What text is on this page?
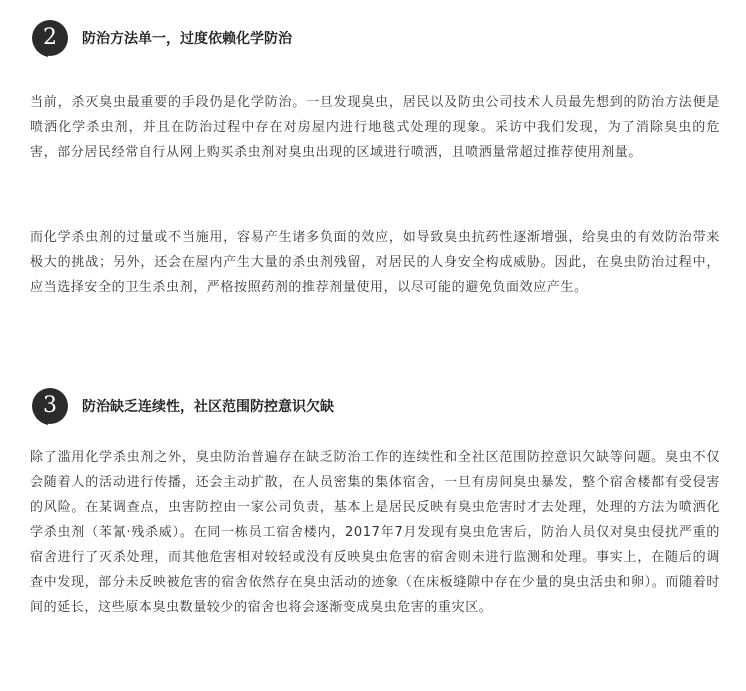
2	防治方法单一，过度依赖化学防治

当前，杀灭臭虫最重要的手段仍是化学防治。一旦发现臭虫，居民以及防虫公司技术人员最先想到的防治方法便是喷洒化学杀虫剂，并且在防治过程中存在对房屋内进行地毯式处理的现象。采访中我们发现，为了消除臭虫的危害，部分居民经常自行从网上购买杀虫剂对臭虫出现的区域进行喷洒，且喷洒量常超过推荐使用剂量。

而化学杀虫剂的过量或不当施用，容易产生诸多负面的效应，如导致臭虫抗药性逐渐增强，给臭虫的有效防治带来极大的挑战；另外，还会在屋内产生大量的杀虫剂残留，对居民的人身安全构成威胁。因此，在臭虫防治过程中，应当选择安全的卫生杀虫剂，严格按照药剂的推荐剂量使用，以尽可能的避免负面效应产生。

3	防治缺乏连续性，社区范围防控意识欠缺

除了滥用化学杀虫剂之外，臭虫防治普遍存在缺乏防治工作的连续性和全社区范围防控意识欠缺等问题。臭虫不仅会随着人的活动进行传播，还会主动扩散，在人员密集的集体宿舍，一旦有房间臭虫暴发，整个宿舍楼都有受侵害的风险。在某调查点，虫害防控由一家公司负责，基本上是居民反映有臭虫危害时才去处理，处理的方法为喷洒化学杀虫剂（苯氰·残杀威）。在同一栋员工宿舍楼内，2017年7月发现有臭虫危害后，防治人员仅对臭虫侵扰严重的宿舍进行了灭杀处理，而其他危害相对较轻或没有反映臭虫危害的宿舍则未进行监测和处理。事实上，在随后的调查中发现，部分未反映被危害的宿舍依然存在臭虫活动的迹象（在床板缝隙中存在少量的臭虫活虫和卵）。而随着时间的延长，这些原本臭虫数量较少的宿舍也将会逐渐变成臭虫危害的重灾区。
